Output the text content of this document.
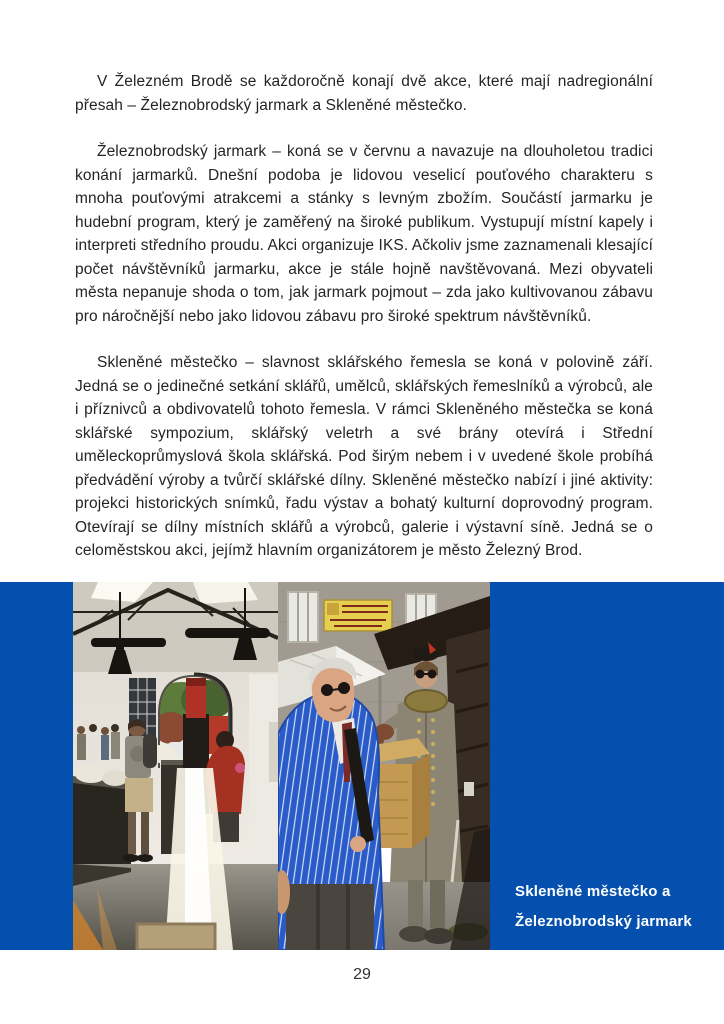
V Železném Brodě se každoročně konají dvě akce, které mají nadregionální přesah – Železnobrodský jarmark a Skleněné městečko.

Železnobrodský jarmark – koná se v červnu a navazuje na dlouholetou tradici konání jarmarků. Dnešní podoba je lidovou veselicí pouťového charakteru s mnoha pouťovými atrakcemi a stánky s levným zbožím. Součástí jarmarku je hudební program, který je zaměřený na široké publikum. Vystupují místní kapely i interpreti středního proudu. Akci organizuje IKS. Ačkoliv jsme zaznamenali klesající počet návštěvníků jarmarku, akce je stále hojně navštěvovaná. Mezi obyvateli města nepanuje shoda o tom, jak jarmark pojmout – zda jako kultivovanou zábavu pro náročnější nebo jako lidovou zábavu pro široké spektrum návštěvníků.

Skleněné městečko – slavnost sklářského řemesla se koná v polovině září. Jedná se o jedinečné setkání sklářů, umělců, sklářských řemeslníků a výrobců, ale i příznivců a obdivovatelů tohoto řemesla. V rámci Skleněného městečka se koná sklářské sympozium, sklářský veletrh a své brány otevírá i Střední uměleckoprůmyslová škola sklářská. Pod širým nebem i v uvedené škole probíhá předvádění výroby a tvůrčí sklářské dílny. Skleněné městečko nabízí i jiné aktivity: projekci historických snímků, řadu výstav a bohatý kulturní doprovodný program. Otevírají se dílny místních sklářů a výrobců, galerie i výstavní síně. Jedná se o celoměstskou akci, jejímž hlavním organizátorem je město Železný Brod.

Skleněné městečko a
Železnobrodský jarmark
29
